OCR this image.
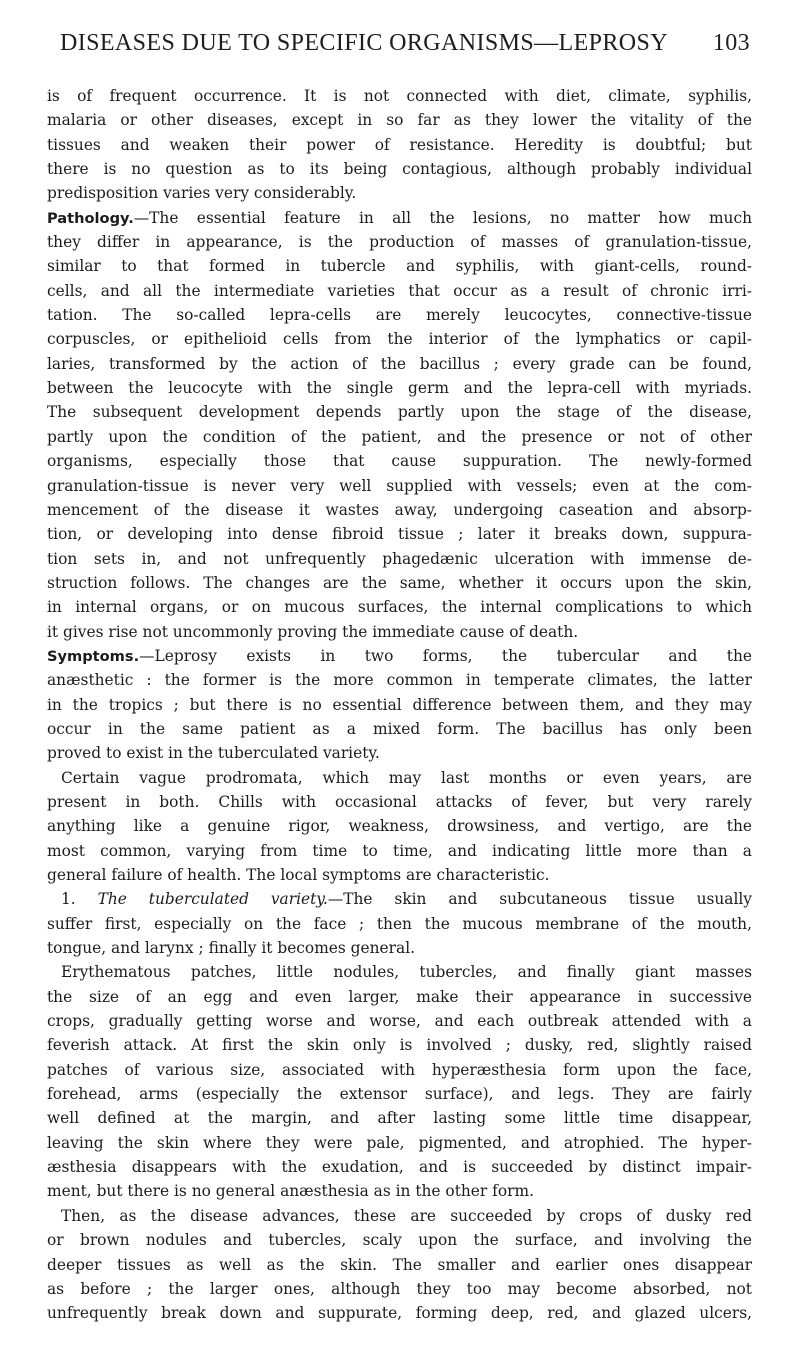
DISEASES DUE TO SPECIFIC ORGANISMS—LEPROSY 103
is of frequent occurrence. It is not connected with diet, climate, syphilis,
malaria or other diseases, except in so far as they lower the vitality of the
tissues and weaken their power of resistance. Heredity is doubtful; but
there is no question as to its being contagious, although probably individual
predisposition varies very considerably.
Pathology.—The essential feature in all the lesions, no matter how much
they differ in appearance, is the production of masses of granulation-tissue,
similar to that formed in tubercle and syphilis, with giant-cells, round-
cells, and all the intermediate varieties that occur as a result of chronic irri-
tation. The so-called lepra-cells are merely leucocytes, connective-tissue
corpuscles, or epithelioid cells from the interior of the lymphatics or capil-
laries, transformed by the action of the bacillus ; every grade can be found,
between the leucocyte with the single germ and the lepra-cell with myriads.
The subsequent development depends partly upon the stage of the disease,
partly upon the condition of the patient, and the presence or not of other
organisms, especially those that cause suppuration. The newly-formed
granulation-tissue is never very well supplied with vessels; even at the com-
mencement of the disease it wastes away, undergoing caseation and absorp-
tion, or developing into dense fibroid tissue ; later it breaks down, suppura-
tion sets in, and not unfrequently phagedænic ulceration with immense de-
struction follows. The changes are the same, whether it occurs upon the skin,
in internal organs, or on mucous surfaces, the internal complications to which
it gives rise not uncommonly proving the immediate cause of death.
Symptoms.—Leprosy exists in two forms, the tubercular and the
anæsthetic : the former is the more common in temperate climates, the latter
in the tropics ; but there is no essential difference between them, and they may
occur in the same patient as a mixed form. The bacillus has only been
proved to exist in the tuberculated variety.
Certain vague prodromata, which may last months or even years, are
present in both. Chills with occasional attacks of fever, but very rarely
anything like a genuine rigor, weakness, drowsiness, and vertigo, are the
most common, varying from time to time, and indicating little more than a
general failure of health. The local symptoms are characteristic.
1. The tuberculated variety.—The skin and subcutaneous tissue usually
suffer first, especially on the face ; then the mucous membrane of the mouth,
tongue, and larynx ; finally it becomes general.
Erythematous patches, little nodules, tubercles, and finally giant masses
the size of an egg and even larger, make their appearance in successive
crops, gradually getting worse and worse, and each outbreak attended with a
feverish attack. At first the skin only is involved ; dusky, red, slightly raised
patches of various size, associated with hyperæsthesia form upon the face,
forehead, arms (especially the extensor surface), and legs. They are fairly
well defined at the margin, and after lasting some little time disappear,
leaving the skin where they were pale, pigmented, and atrophied. The hyper-
æsthesia disappears with the exudation, and is succeeded by distinct impair-
ment, but there is no general anæsthesia as in the other form.
Then, as the disease advances, these are succeeded by crops of dusky red
or brown nodules and tubercles, scaly upon the surface, and involving the
deeper tissues as well as the skin. The smaller and earlier ones disappear
as before ; the larger ones, although they too may become absorbed, not
unfrequently break down and suppurate, forming deep, red, and glazed ulcers,
